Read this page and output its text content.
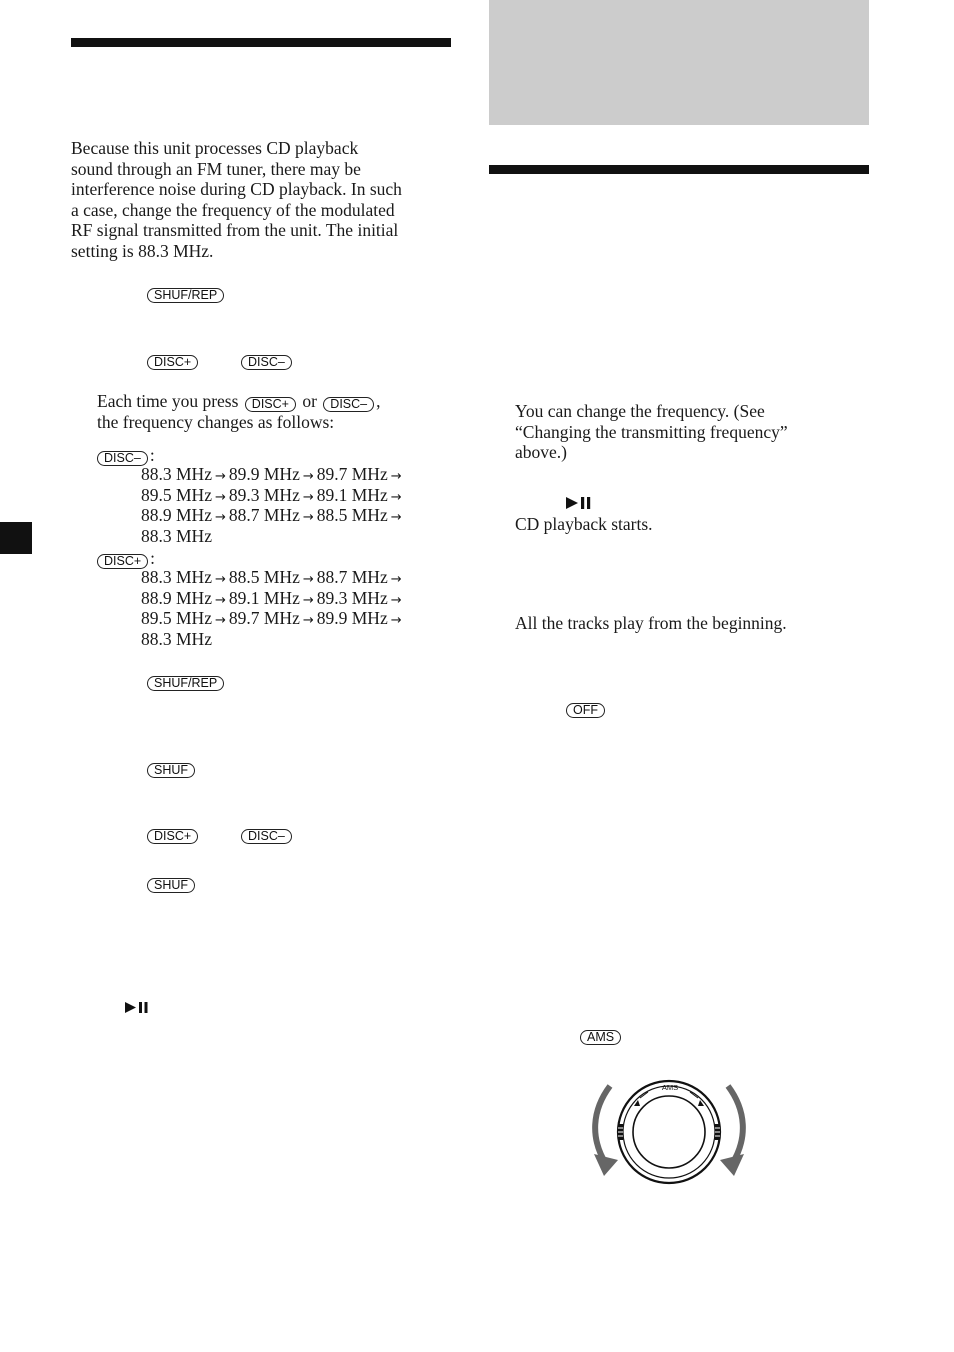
Because this unit processes CD playback
sound through an FM tuner, there may be
interference noise during CD playback. In such
a case, change the frequency of the modulated
RF signal transmitted from the unit. The initial
setting is 88.3 MHz.
SHUF/REP
DISC+	DISC–
Each time you press DISC+ or DISC– ,
the frequency changes as follows:
DISC– :
88.3 MHz → 89.9 MHz → 89.7 MHz →
89.5 MHz → 89.3 MHz → 89.1 MHz →
88.9 MHz → 88.7 MHz → 88.5 MHz →
88.3 MHz
DISC+ :
88.3 MHz → 88.5 MHz → 88.7 MHz →
88.9 MHz → 89.1 MHz → 89.3 MHz →
89.5 MHz → 89.7 MHz → 89.9 MHz →
88.3 MHz
SHUF/REP
SHUF
DISC+	DISC–
SHUF
You can change the frequency. (See
“Changing the transmitting frequency”
above.)
CD playback starts.
All the tracks play from the beginning.
OFF
AMS
AMS
